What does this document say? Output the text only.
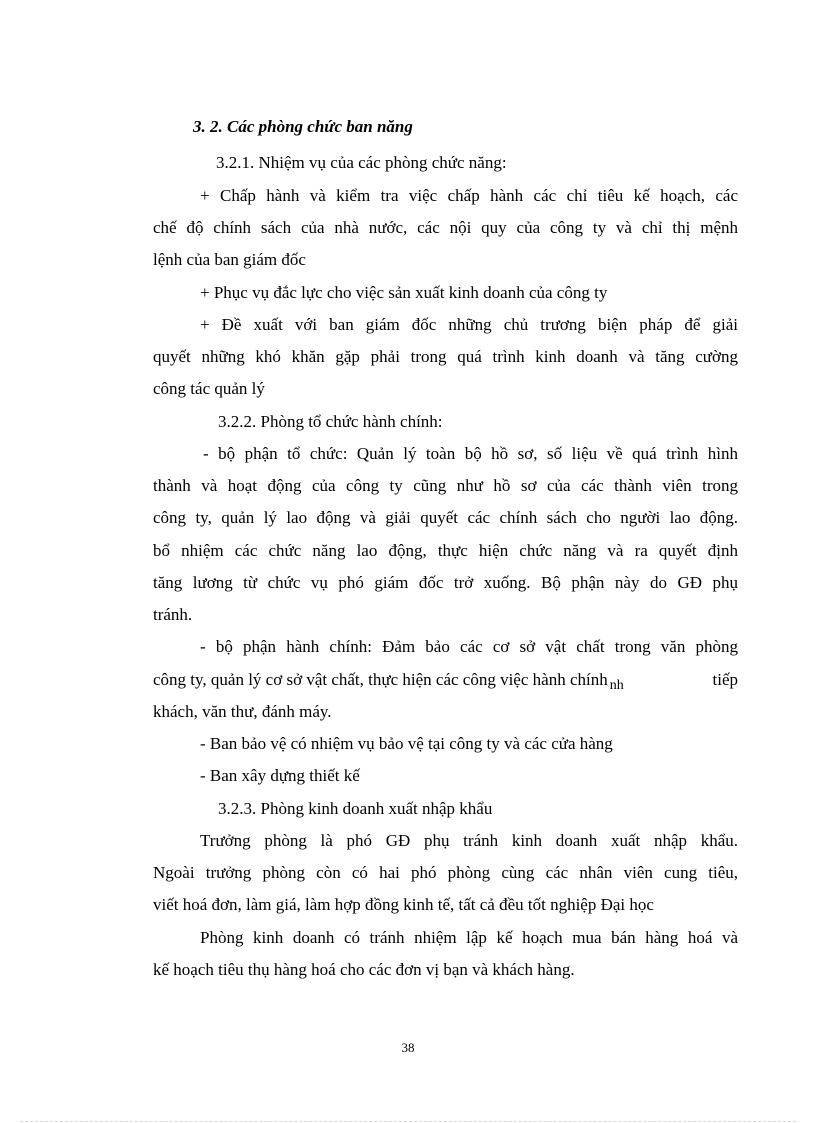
3. 2. Các phòng chức ban năng
3.2.1. Nhiệm vụ của các phòng chức năng:
+ Chấp hành và kiểm tra việc chấp hành các chỉ tiêu kế hoạch, các
chế độ chính sách của nhà nước, các nội quy của công ty và chỉ thị mệnh
lệnh của ban giám đốc
+ Phục vụ đắc lực cho việc sản xuất kinh doanh của công ty
+ Đề xuất với ban giám đốc những chủ trương biện pháp để giải
quyết những khó khăn gặp phải trong quá trình kinh doanh và tăng cường
công tác quản lý
3.2.2. Phòng tổ chức hành chính:
- bộ phận tổ chức: Quản lý toàn bộ hồ sơ, số liệu về quá trình hình
thành và hoạt động của công ty cũng như hồ sơ của các thành viên trong
công ty, quản lý lao động và giải quyết các chính sách cho người lao động.
bổ nhiệm các chức năng lao động, thực hiện chức năng và ra quyết định
tăng lương từ chức vụ phó giám đốc trở xuống. Bộ phận này do GĐ phụ
tránh.
- bộ phận hành chính: Đảm bảo các cơ sở vật chất trong văn phòng
công ty, quản lý cơ sở vật chất, thực hiện các công việc hành chính nh	tiếp
khách, văn thư, đánh máy.
- Ban bảo vệ có nhiệm vụ bảo vệ tại công ty và các cửa hàng
- Ban xây dựng thiết kế
3.2.3. Phòng kinh doanh xuất nhập khẩu
Trưởng phòng là phó GĐ phụ tránh kinh doanh xuất nhập khẩu.
Ngoài trưởng phòng còn có hai phó phòng cùng các nhân viên cung tiêu,
viết hoá đơn, làm giá, làm hợp đồng kinh tế, tất cả đều tốt nghiệp Đại học
Phòng kinh doanh có tránh nhiệm lập kế hoạch mua bán hàng hoá và
kế hoạch tiêu thụ hàng hoá cho các đơn vị bạn và khách hàng.
38
